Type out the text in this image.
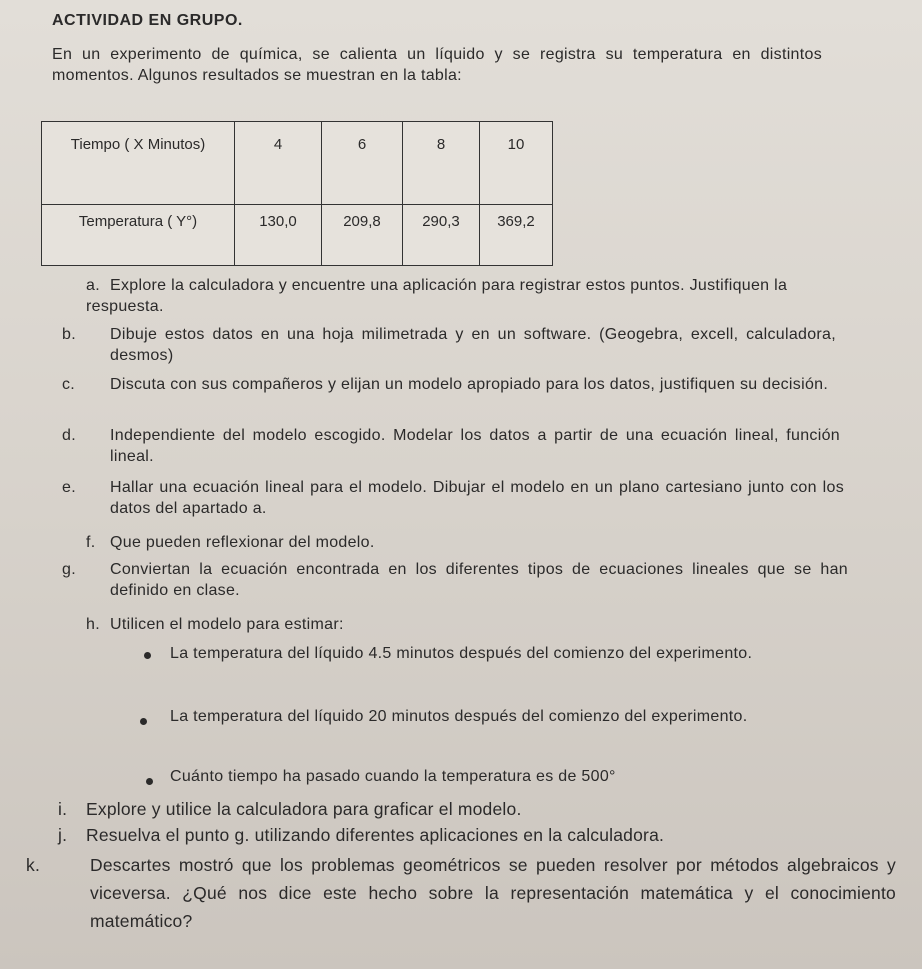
ACTIVIDAD EN GRUPO.
En un experimento de química, se calienta un líquido y se registra su temperatura en distintos momentos. Algunos resultados se muestran en la tabla:
Tiempo ( X Minutos)	4	6	8	10
Temperatura ( Y°)	130,0	209,8	290,3	369,2
a. Explore la calculadora y encuentre una aplicación para registrar estos puntos. Justifiquen la respuesta.
b. Dibuje estos datos en una hoja milimetrada y en un software. (Geogebra, excell, calculadora, desmos)
c. Discuta con sus compañeros y elijan un modelo apropiado para los datos, justifiquen su decisión.
d. Independiente del modelo escogido. Modelar los datos a partir de una ecuación lineal, función lineal.
e. Hallar una ecuación lineal para el modelo. Dibujar el modelo en un plano cartesiano junto con los datos del apartado a.
f. Que pueden reflexionar del modelo.
g. Conviertan la ecuación encontrada en los diferentes tipos de ecuaciones lineales que se han definido en clase.
h. Utilicen el modelo para estimar:
La temperatura del líquido 4.5 minutos después del comienzo del experimento.
La temperatura del líquido 20 minutos después del comienzo del experimento.
Cuánto tiempo ha pasado cuando la temperatura es de 500°
i. Explore y utilice la calculadora para graficar el modelo.
j. Resuelva el punto g. utilizando diferentes aplicaciones en la calculadora.
k.	Descartes mostró que los problemas geométricos se pueden resolver por métodos algebraicos y viceversa. ¿Qué nos dice este hecho sobre la representación matemática y el conocimiento matemático?
